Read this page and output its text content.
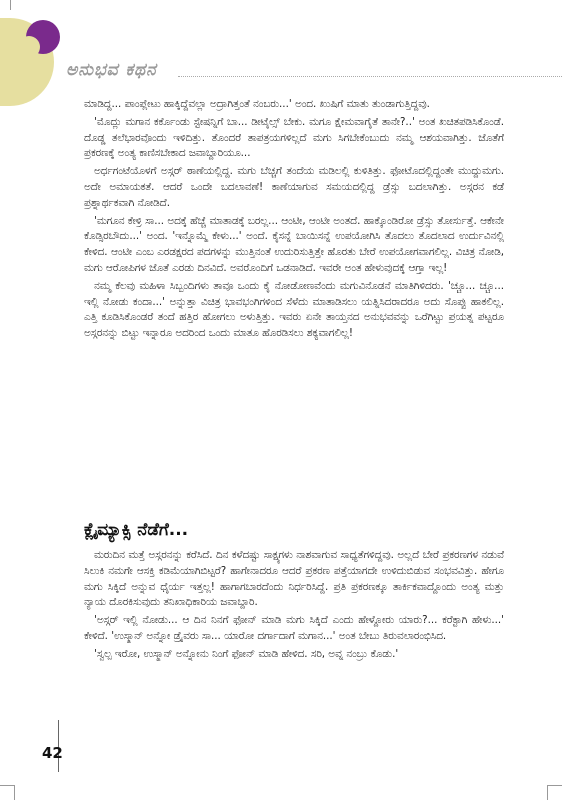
ಅನುಭವ ಕಥನ

ಮಾಡಿದ್ದ... ಪಾಂಪ್ಲೇಟು ಹಾಕ್ಕಿದ್ದೆವಲ್ಲಾ ಅದ್ರಾಗಿತ್ತಂತೆ ನಂಬರು...' ಅಂದ. ಖುಷಿಗೆ ಮಾತು ತುಂಡಾಗುತ್ತಿದ್ದವು.

'ಮೊದ್ಲು ಮಗಾನ ಕರ್ಕೊಂಡು ಸ್ಟೇಷನ್ನಿಗೆ ಬಾ... ಡೀಟೈಲ್ಸ್ ಬೇಕು. ಮಗೂ ಕ್ಷೇಮವಾಗೈತೆ ತಾನೇ?..' ಅಂತ ಖಚಿತಪಡಿಸಿಕೊಂಡೆ. ದೊಡ್ಡ ತಲೆಭಾರವೊಂದು ಇಳಿದಿತ್ತು. ತೊಂದರೆ ತಾಪತ್ರಯಗಳಿಲ್ಲದೆ ಮಗು ಸಿಗಬೇಕೆಂಬುದು ನಮ್ಮ ಆಶಯವಾಗಿತ್ತು. ಜೊತೆಗೆ ಪ್ರಕರಣಕ್ಕೆ ಅಂತ್ಯ ಕಾಣಿಸಬೇಕಾದ ಜವಾಬ್ದಾರಿಯೂ...

ಅರ್ಧಗಂಟೆಯೊಳಗೆ ಅಸ್ಗರ್ ಠಾಣೆಯಲ್ಲಿದ್ದ. ಮಗು ಬೆಚ್ಚಗೆ ತಂದೆಯ ಮಡಿಲಲ್ಲಿ ಕುಳಿತಿತ್ತು. ಫೋಟೊದಲ್ಲಿದ್ದಂತೇ ಮುದ್ದುಮಗು. ಅದೇ ಅಮಾಯಕತೆ. ಆದರೆ ಒಂದೇ ಬದಲಾವಣೆ! ಕಾಣೆಯಾಗುವ ಸಮಯದಲ್ಲಿದ್ದ ಡ್ರೆಸ್ಸು ಬದಲಾಗಿತ್ತು. ಅಸ್ಗರನ ಕಡೆ ಪ್ರಶ್ನಾರ್ಥಕವಾಗಿ ನೋಡಿದೆ.

'ಮಗೂನ ಕೇಳ್ರಿ ಸಾ... ಅದಕ್ಕೆ ಹೆಚ್ಚೆ ಮಾತಾಡಕ್ಕೆ ಬರಲ್ಲ... ಆಂಟೀ, ಆಂಟೀ ಅಂತದೆ. ಹಾಕ್ಕೊಂಡಿರೋ ಡ್ರೆಸ್ಸು ತೋರ್ಸುತ್ತೆ. ಆಕೇನೇ ಕೊಡ್ಸಿರಬೌದು...' ಅಂದ. 'ಇನ್ನೊಮ್ಮೆ ಕೇಳು...' ಅಂದೆ. ಕೈಸನ್ನೆ ಬಾಯಿಸನ್ನೆ ಉಪಯೋಗಿಸಿ ತೊದಲು ತೊದಲಾದ ಉರ್ದುವಿನಲ್ಲಿ ಕೇಳಿದ. ಆಂಟೀ ಎಂಬ ಎರಡಕ್ಷರದ ಪದಗಳನ್ನು ಮುತ್ತಿನಂತೆ ಉದುರಿಸುತ್ತಿತ್ತೇ ಹೊರತು ಬೇರೆ ಉಪಯೋಗವಾಗಲಿಲ್ಲ. ವಿಚಿತ್ರ ನೋಡಿ, ಮಗು ಆರೋಪಿಗಳ ಜೊತೆ ಎರಡು ದಿನವಿದೆ. ಅವರೊಂದಿಗೆ ಒಡನಾಡಿದೆ. ಇವರೇ ಅಂತ ಹೇಳುವುದಕ್ಕೆ ಆಗ್ತಾ ಇಲ್ಲ!

ನಮ್ಮ ಕೆಲವು ಮಹಿಳಾ ಸಿಬ್ಬಂದಿಗಳು ತಾವೂ ಒಂದು ಕೈ ನೋಡೋಣವೆಂದು ಮಗುವಿನೊಡನೆ ಮಾತಿಗಿಳಿದರು. 'ಚ್ಚೂ... ಚ್ಚೂ... ಇಲ್ಲಿ ನೋಡು ಕಂದಾ...' ಅನ್ನುತ್ತಾ ವಿಚಿತ್ರ ಭಾವಭಂಗಿಗಳಿಂದ ಸೆಳೆದು ಮಾತಾಡಿಸಲು ಯತ್ನಿಸಿದರಾದರೂ ಅದು ಸೊಪ್ಪು ಹಾಕಲಿಲ್ಲ. ಎತ್ತಿ ಕೂಡಿಸಿಕೊಂಡರೆ ತಂದೆ ಹತ್ತಿರ ಹೋಗಲು ಅಳುತ್ತಿತ್ತು. ಇವರು ಏನೇ ತಾಯ್ತನದ ಅನುಭವವನ್ನು ಒರೆಗಿಟ್ಟು ಪ್ರಯತ್ನ ಪಟ್ಟರೂ ಅಸ್ಗರನನ್ನು ಬಿಟ್ಟು ಇನ್ನಾರೂ ಅದರಿಂದ ಒಂದು ಮಾತೂ ಹೊರಡಿಸಲು ಶಕ್ಯವಾಗಲಿಲ್ಲ!

ಕ್ಲೈಮ್ಯಾಕ್ಸಿ ನೆಡೆಗೆ...

ಮರುದಿನ ಮತ್ತೆ ಅಸ್ಗರನನ್ನು ಕರೆಸಿದೆ. ದಿನ ಕಳೆದಷ್ಟು ಸಾಕ್ಷ್ಯಗಳು ನಾಶವಾಗುವ ಸಾಧ್ಯತೆಗಳಿದ್ದವು. ಅಲ್ಲದೆ ಬೇರೆ ಪ್ರಕರಣಗಳ ನಡುವೆ ಸಿಲುಕಿ ನಮಗೇ ಆಸಕ್ತಿ ಕಡಿಮೆಯಾಗಿಬಿಟ್ಟರೆ? ಹಾಗೇನಾದರೂ ಆದರೆ ಪ್ರಕರಣ ಪತ್ತೆಯಾಗದೇ ಉಳಿದುಬಿಡುವ ಸಂಭವವಿತ್ತು. ಹೇಗೂ ಮಗು ಸಿಕ್ಕಿದೆ ಅನ್ನುವ ಧೈರ್ಯ ಇತ್ತಲ್ಲ! ಹಾಗಾಗಬಾರದೆಂದು ನಿರ್ಧರಿಸಿದ್ದೆ. ಪ್ರತಿ ಪ್ರಕರಣಕ್ಕೂ ತಾರ್ಕಿಕವಾದ್ದೊಂದು ಅಂತ್ಯ ಮತ್ತು ನ್ಯಾಯ ದೊರಕಿಸುವುದು ತನಿಖಾಧಿಕಾರಿಯ ಜವಾಬ್ದಾರಿ.

'ಅಸ್ಗರ್ ಇಲ್ಲಿ ನೋಡು... ಆ ದಿನ ನಿನಗೆ ಫೋನ್ ಮಾಡಿ ಮಗು ಸಿಕ್ಕಿದೆ ಎಂದು ಹೇಳ್ದೋರು ಯಾರು?... ಕರೆಕ್ಟಾಗಿ ಹೇಳು...' ಕೇಳಿದೆ. 'ಉಸ್ಮಾನ್ ಅನ್ನೋ ಡ್ರೈವರು ಸಾ... ಯಾರೋ ದರ್ಗಾದಾಗೆ ಮಗಾನ...' ಅಂತ ಬೇಬು ತಿರುವಲಾರಂಭಿಸಿದ.

'ಸ್ವಲ್ಪ ಇರೋ, ಉಸ್ಮಾನ್ ಅನ್ನೋನು ನಿಂಗೆ ಫೋನ್ ಮಾಡಿ ಹೇಳಿದ. ಸರಿ, ಅವ್ನ ನಂಬ್ರು ಕೊಡು.'

42
